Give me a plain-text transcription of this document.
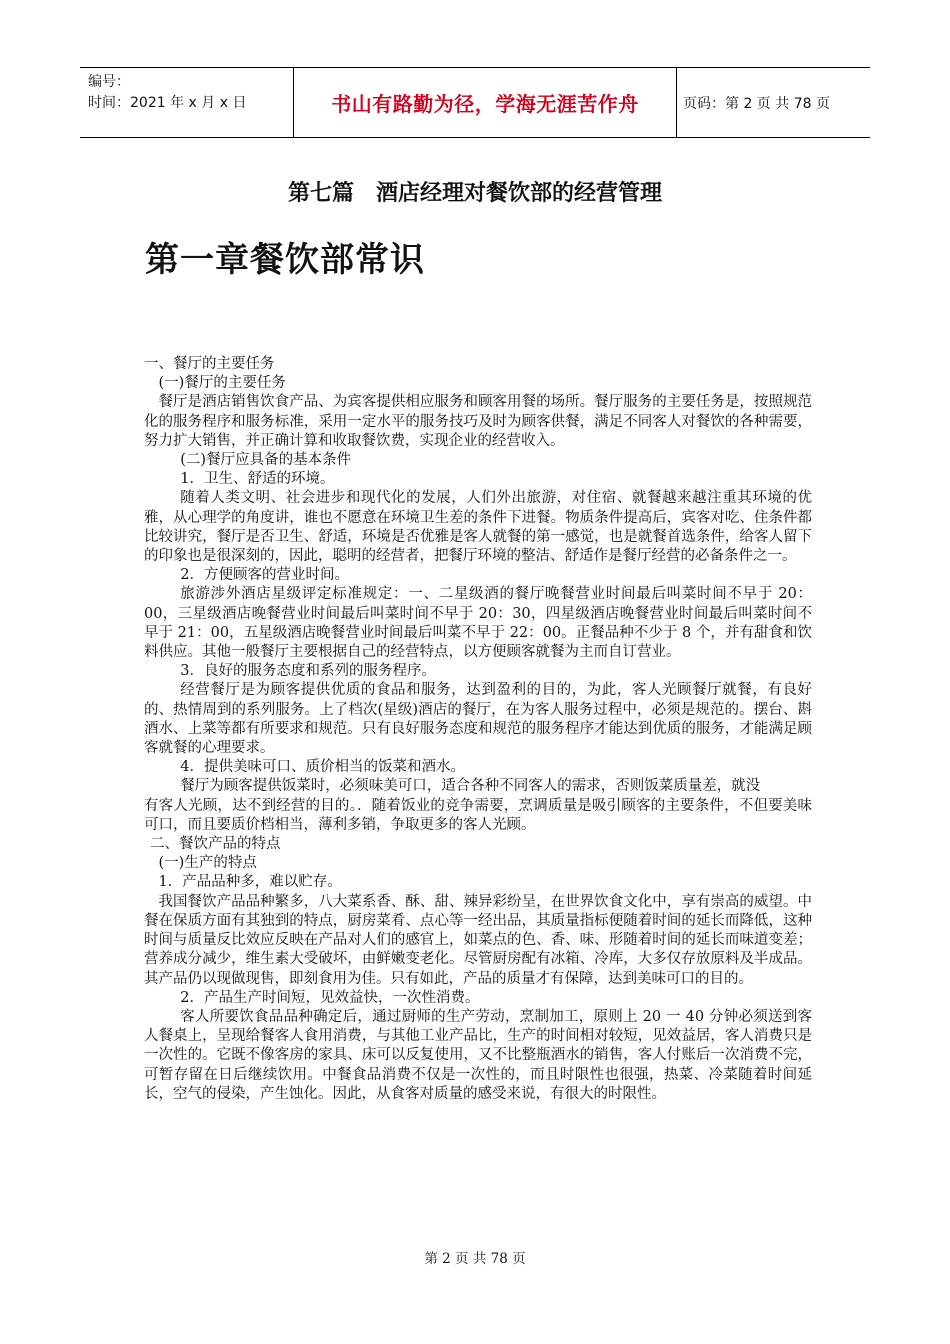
编号：
时间：2021 年 x 月 x 日	书山有路勤为径，学海无涯苦作舟	页码：第 2 页 共 78 页
第七篇　酒店经理对餐饮部的经营管理
第一章餐饮部常识

一、餐厅的主要任务

(一)餐厅的主要任务

餐厅是酒店销售饮食产品、为宾客提供相应服务和顾客用餐的场所。餐厅服务的主要任务是，按照规范化的服务程序和服务标准，采用一定水平的服务技巧及时为顾客供餐，满足不同客人对餐饮的各种需要，努力扩大销售，并正确计算和收取餐饮费，实现企业的经营收入。

(二)餐厅应具备的基本条件

1．卫生、舒适的环境。

随着人类文明、社会进步和现代化的发展，人们外出旅游，对住宿、就餐越来越注重其环境的优雅，从心理学的角度讲，谁也不愿意在环境卫生差的条件下进餐。物质条件提高后，宾客对吃、住条件都比较讲究，餐厅是否卫生、舒适，环境是否优雅是客人就餐的第一感觉，也是就餐首选条件，给客人留下的印象也是很深刻的，因此，聪明的经营者，把餐厅环境的整洁、舒适作是餐厅经营的必备条件之一。

2．方便顾客的营业时间。

旅游涉外酒店星级评定标准规定：一、二星级酒的餐厅晚餐营业时间最后叫菜时间不早于 20：00，三星级酒店晚餐营业时间最后叫菜时间不早于 20：30，四星级酒店晚餐营业时间最后叫菜时间不早于 21：00，五星级酒店晚餐营业时间最后叫菜不早于 22：00。正餐品种不少于 8 个，并有甜食和饮料供应。其他一般餐厅主要根据自己的经营特点，以方便顾客就餐为主而自订营业。

3．良好的服务态度和系列的服务程序。

经营餐厅是为顾客提供优质的食品和服务，达到盈利的目的，为此，客人光顾餐厅就餐，有良好的、热情周到的系列服务。上了档次(星级)酒店的餐厅，在为客人服务过程中，必须是规范的。摆台、斟酒水、上菜等都有所要求和规范。只有良好服务态度和规范的服务程序才能达到优质的服务，才能满足顾客就餐的心理要求。

4．提供美味可口、质价相当的饭菜和酒水。

餐厅为顾客提供饭菜时，必须味美可口，适合各种不同客人的需求，否则饭菜质量差，就没

有客人光顾，达不到经营的目的。．随着饭业的竞争需要，烹调质量是吸引顾客的主要条件，不但要美味可口，而且要质价档相当，薄利多销，争取更多的客人光顾。

二、餐饮产品的特点

(一)生产的特点

1．产品品种多，难以贮存。

我国餐饮产品品种繁多，八大菜系香、酥、甜、辣异彩纷呈，在世界饮食文化中，享有崇高的威望。中餐在保质方面有其独到的特点，厨房菜肴、点心等一经出品，其质量指标便随着时间的延长而降低，这种时间与质量反比效应反映在产品对人们的感官上，如菜点的色、香、味、形随着时间的延长而味道变差；营养成分减少，维生素大受破坏，由鲜嫩变老化。尽管厨房配有冰箱、冷库，大多仅存放原料及半成品。其产品仍以现做现售，即刻食用为佳。只有如此，产品的质量才有保障，达到美味可口的目的。

2．产品生产时间短，见效益快，一次性消费。

客人所要饮食品品种确定后，通过厨师的生产劳动，烹制加工，原则上 20 一 40 分钟必须送到客人餐桌上，呈现给餐客人食用消费，与其他工业产品比，生产的时间相对较短，见效益居，客人消费只是一次性的。它既不像客房的家具、床可以反复使用，又不比整瓶酒水的销售，客人付账后一次消费不完，可暂存留在日后继续饮用。中餐食品消费不仅是一次性的，而且时限性也很强，热菜、冷菜随着时间延长，空气的侵染，产生蚀化。因此，从食客对质量的感受来说，有很大的时限性。

第 2 页 共 78 页
